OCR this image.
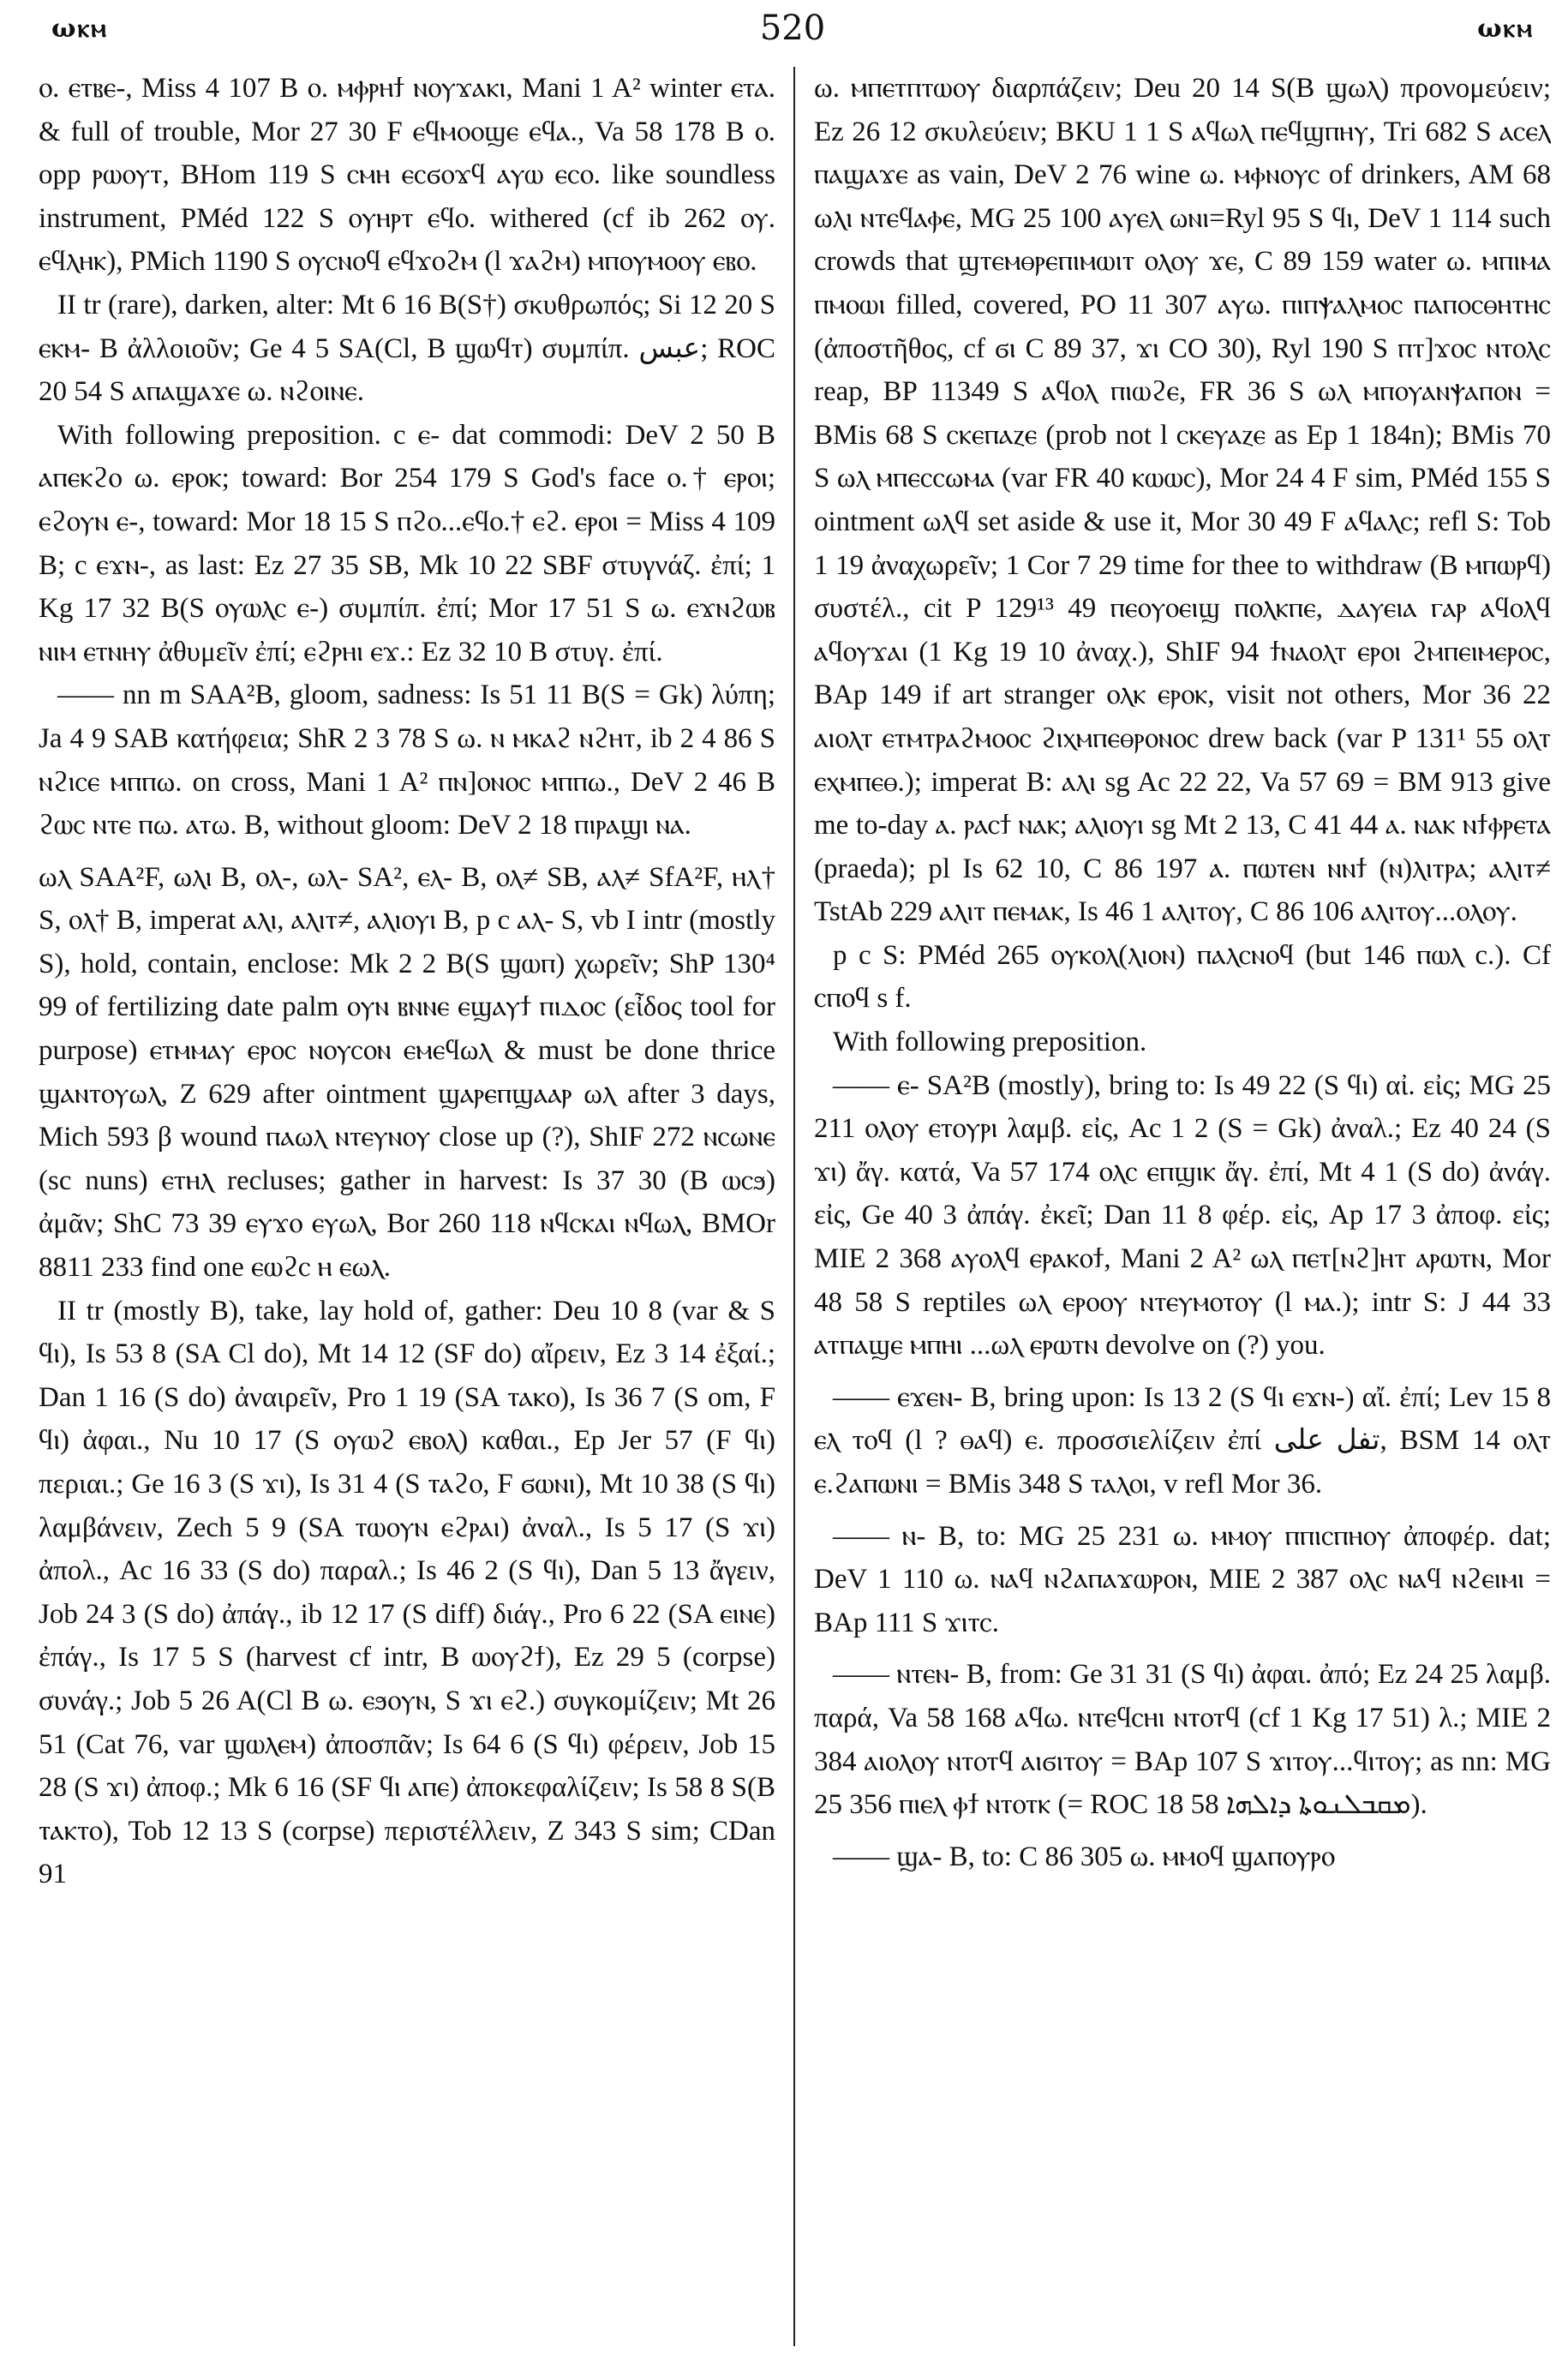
ωⲕⲙ	520	ωⲕⲙ

ⲟ. ⲉⲧⲃⲉ-, Miss 4 107 B ⲟ. ⲙⲫⲣⲏϯ ⲛⲟⲩϫⲁⲕⲓ, Mani 1 A² winter ⲉⲧⲁ. & full of trouble, Mor 27 30 F ⲉϥⲙⲟⲟϣⲉ ⲉϥⲁ., Va 58 178 B ⲟ. opp ⲣⲱⲟⲩⲧ, BHom 119 S ⲥⲙⲏ ⲉⲥϭⲟϫϥ ⲁⲩⲱ ⲉⲥⲟ. like soundless instrument, PMéd 122 S ⲟⲩⲏⲣⲧ ⲉϥⲟ. withered (cf ib 262 ⲟⲩ. ⲉϥⲗⲏⲕ), PMich 1190 S ⲟⲩⲥⲛⲟϥ ⲉϥϫⲟϩⲙ (l ϫⲁϩⲙ) ⲙⲡⲟⲩⲙⲟⲟⲩ ⲉⲃⲟ.

II tr (rare), darken, alter: Mt 6 16 B(S†) σκυθρωπός; Si 12 20 S ⲉⲕⲙ- B ἀλλοιοῦν; Ge 4 5 SA(Cl, B ϣⲱϥⲧ) συμπίπ. عبس; ROC 20 54 S ⲁⲡⲁϣⲁϫⲉ ω. ⲛϩⲟⲓⲛⲉ.

With following preposition. c ⲉ- dat commodi: DeV 2 50 B ⲁⲡⲉⲕϩⲟ ω. ⲉⲣⲟⲕ; toward: Bor 254 179 S God's face ⲟ.† ⲉⲣⲟⲓ; ⲉϩⲟⲩⲛ ⲉ-, toward: Mor 18 15 S ⲡϩⲟ...ⲉϥⲟ.† ⲉϩ. ⲉⲣⲟⲓ = Miss 4 109 B; c ⲉϫⲛ-, as last: Ez 27 35 SB, Mk 10 22 SBF στυγνάζ. ἐπί; 1 Kg 17 32 B(S ⲟⲩⲱⲗⲥ ⲉ-) συμπίπ. ἐπί; Mor 17 51 S ω. ⲉϫⲛϩⲱⲃ ⲛⲓⲙ ⲉⲧⲛⲏⲩ ἀθυμεῖν ἐπί; ⲉϩⲣⲏⲓ ⲉϫ.: Ez 32 10 B στυγ. ἐπί.

—— nn m SAA²B, gloom, sadness: Is 51 11 B(S = Gk) λύπη; Ja 4 9 SAB κατήφεια; ShR 2 3 78 S ω. ⲛ ⲙⲕⲁϩ ⲛϩⲏⲧ, ib 2 4 86 S ⲛϩⲓⲥⲉ ⲙⲡⲡω. on cross, Mani 1 A² ⲡⲛ]ⲟⲛⲟⲥ ⲙⲡⲡω., DeV 2 46 B ϩⲱⲥ ⲛⲧⲉ ⲡω. ⲁⲧω. B, without gloom: DeV 2 18 ⲡⲓⲣⲁϣⲓ ⲛⲁ.

ωⲗ SAA²F, ωⲗⲓ B, ⲟⲗ-, ωⲗ- SA², ⲉⲗ- B, ⲟⲗ≠ SB, ⲁⲗ≠ SfA²F, ⲏⲗ† S, ⲟⲗ† B, imperat ⲁⲗⲓ, ⲁⲗⲓⲧ≠, ⲁⲗⲓⲟⲩⲓ B, p c ⲁⲗ- S, vb I intr (mostly S), hold, contain, enclose: Mk 2 2 B(S ϣⲱⲡ) χωρεῖν; ShP 130⁴ 99 of fertilizing date palm ⲟⲩⲛ ⲃⲛⲛⲉ ⲉϣⲁⲩϯ ⲡⲓⲇⲟⲥ (εἶδος tool for purpose) ⲉⲧⲙⲙⲁⲩ ⲉⲣⲟⲥ ⲛⲟⲩⲥⲟⲛ ⲉⲙⲉϥωⲗ & must be done thrice ϣⲁⲛⲧⲟⲩωⲗ, Z 629 after ointment ϣⲁⲣⲉⲡϣⲁⲁⲣ ωⲗ after 3 days, Mich 593 β wound ⲡⲁωⲗ ⲛⲧⲉⲩⲛⲟⲩ close up (?), ShIF 272 ⲛⲥωⲛⲉ (sc nuns) ⲉⲧⲏⲗ recluses; gather in harvest: Is 37 30 (B ⲱⲥϧ) ἀμᾶν; ShC 73 39 ⲉⲩϫⲟ ⲉⲩωⲗ, Bor 260 118 ⲛϥⲥⲕⲁⲓ ⲛϥωⲗ, BMOr 8811 233 find one ⲉⲱϩⲥ ⲏ ⲉωⲗ.

II tr (mostly B), take, lay hold of, gather: Deu 10 8 (var & S ϥⲓ), Is 53 8 (SA Cl do), Mt 14 12 (SF do) αἴρειν, Ez 3 14 ἐξαί.; Dan 1 16 (S do) ἀναιρεῖν, Pro 1 19 (SA ⲧⲁⲕⲟ), Is 36 7 (S om, F ϥⲓ) ἀφαι., Nu 10 17 (S ⲟⲩⲱϩ ⲉⲃⲟⲗ) καθαι., Ep Jer 57 (F ϥⲓ) περιαι.; Ge 16 3 (S ϫⲓ), Is 31 4 (S ⲧⲁϩⲟ, F ϭⲱⲛⲓ), Mt 10 38 (S ϥⲓ) λαμβάνειν, Zech 5 9 (SA ⲧⲱⲟⲩⲛ ⲉϩⲣⲁⲓ) ἀναλ., Is 5 17 (S ϫⲓ) ἀπολ., Ac 16 33 (S do) παραλ.; Is 46 2 (S ϥⲓ), Dan 5 13 ἄγειν, Job 24 3 (S do) ἀπάγ., ib 12 17 (S diff) διάγ., Pro 6 22 (SA ⲉⲓⲛⲉ) ἐπάγ., Is 17 5 S (harvest cf intr, B ⲱⲟⲩϩϯ), Ez 29 5 (corpse) συνάγ.; Job 5 26 A(Cl B ω. ⲉϧⲟⲩⲛ, S ϫⲓ ⲉϩ.) συγκομίζειν; Mt 26 51 (Cat 76, var ϣⲱⲗⲉⲙ) ἀποσπᾶν; Is 64 6 (S ϥⲓ) φέρειν, Job 15 28 (S ϫⲓ) ἀποφ.; Mk 6 16 (SF ϥⲓ ⲁⲡⲉ) ἀποκεφαλίζειν; Is 58 8 S(B ⲧⲁⲕⲧⲟ), Tob 12 13 S (corpse) περιστέλλειν, Z 343 S sim; CDan 91

ω. ⲙⲡⲉⲧⲡⲧⲱⲟⲩ διαρπάζειν; Deu 20 14 S(B ϣωⲗ) προνομεύειν; Ez 26 12 σκυλεύειν; BKU 1 1 S ⲁϥωⲗ ⲡⲉϥϣⲡⲏⲩ, Tri 682 S ⲁⲥⲉⲗ ⲡⲁϣⲁϫⲉ as vain, DeV 2 76 wine ω. ⲙⲫⲛⲟⲩⲥ of drinkers, AM 68 ωⲗⲓ ⲛⲧⲉϥⲁⲫⲉ, MG 25 100 ⲁⲩⲉⲗ ωⲛⲓ=Ryl 95 S ϥⲓ, DeV 1 114 such crowds that ϣⲧⲉⲙⲑⲣⲉⲡⲓⲙⲱⲓⲧ ⲟⲗⲟⲩ ϫⲉ, C 89 159 water ω. ⲙⲡⲓⲙⲁ ⲡⲙⲟⲱⲓ filled, covered, PO 11 307 ⲁⲩω. ⲡⲓⲡⲯⲁⲗⲙⲟⲥ ⲡⲁⲡⲟⲥⲑⲏⲧⲏⲥ (ἀποστῆθος, cf ϭⲓ C 89 37, ϫⲓ CO 30), Ryl 190 S ⲡⲧ]ϫⲟⲥ ⲛⲧⲟⲗⲥ reap, BP 11349 S ⲁϥⲟⲗ ⲡⲓⲱϩⲉ, FR 36 S ωⲗ ⲙⲡⲟⲩⲁⲛⲯⲁⲡⲟⲛ = BMis 68 S ⲥⲕⲉⲡⲁⲍⲉ (prob not l ⲥⲕⲉⲩⲁⲍⲉ as Ep 1 184n); BMis 70 S ωⲗ ⲙⲡⲉⲥⲥωⲙⲁ (var FR 40 ⲕⲱⲱⲥ), Mor 24 4 F sim, PMéd 155 S ointment ωⲗϥ set aside & use it, Mor 30 49 F ⲁϥⲁⲗⲥ; refl S: Tob 1 19 ἀναχωρεῖν; 1 Cor 7 29 time for thee to withdraw (B ⲙⲡⲱⲣϥ) συστέλ., cit P 129¹³ 49 ⲡⲉⲟⲩⲟⲉⲓϣ ⲡⲟⲗⲕⲡⲉ, ⲇⲁⲩⲉⲓⲁ ⲅⲁⲣ ⲁϥⲟⲗϥ ⲁϥⲟⲩϫⲁⲓ (1 Kg 19 10 ἀναχ.), ShIF 94 ϯⲛⲁⲟⲗⲧ ⲉⲣⲟⲓ ϩⲙⲡⲉⲓⲙⲉⲣⲟⲥ, BAp 149 if art stranger ⲟⲗⲕ ⲉⲣⲟⲕ, visit not others, Mor 36 22 ⲁⲓⲟⲗⲧ ⲉⲧⲙⲧⲣⲁϩⲙⲟⲟⲥ ϩⲓⲭⲙⲡⲉⲑⲣⲟⲛⲟⲥ drew back (var P 131¹ 55 ⲟⲗⲧ ⲉⲭⲙⲡⲉⲑ.); imperat B: ⲁⲗⲓ sg Ac 22 22, Va 57 69 = BM 913 give me to-day ⲁ. ⲣⲁⲥϯ ⲛⲁⲕ; ⲁⲗⲓⲟⲩⲓ sg Mt 2 13, C 41 44 ⲁ. ⲛⲁⲕ ⲛϯⲫⲣⲉⲧⲁ (praeda); pl Is 62 10, C 86 197 ⲁ. ⲡⲱⲧⲉⲛ ⲛⲛϯ (ⲛ)ⲗⲓⲧⲣⲁ; ⲁⲗⲓⲧ≠ TstAb 229 ⲁⲗⲓⲧ ⲡⲉⲙⲁⲕ, Is 46 1 ⲁⲗⲓⲧⲟⲩ, C 86 106 ⲁⲗⲓⲧⲟⲩ...ⲟⲗⲟⲩ.

p c S: PMéd 265 ⲟⲩⲕⲟⲗ(ⲗⲓⲟⲛ) ⲡⲁⲗⲥⲛⲟϥ (but 146 ⲡⲱⲗ c.). Cf ⲥⲡⲟϥ s f.

With following preposition.

—— ⲉ- SA²B (mostly), bring to: Is 49 22 (S ϥⲓ) αἰ. εἰς; MG 25 211 ⲟⲗⲟⲩ ⲉⲧⲟⲩⲣⲓ λαμβ. εἰς, Ac 1 2 (S = Gk) ἀναλ.; Ez 40 24 (S ϫⲓ) ἄγ. κατά, Va 57 174 ⲟⲗⲥ ⲉⲡϣⲓⲕ ἄγ. ἐπί, Mt 4 1 (S do) ἀνάγ. εἰς, Ge 40 3 ἀπάγ. ἐκεῖ; Dan 11 8 φέρ. εἰς, Ap 17 3 ἀποφ. εἰς; MIE 2 368 ⲁⲩⲟⲗϥ ⲉⲣⲁⲕⲟϯ, Mani 2 A² ωⲗ ⲡⲉⲧ[ⲛϩ]ⲏⲧ ⲁⲣⲱⲧⲛ, Mor 48 58 S reptiles ωⲗ ⲉⲣⲟⲟⲩ ⲛⲧⲉⲩⲙⲟⲧⲟⲩ (l ⲙⲁ.); intr S: J 44 33 ⲁⲧⲡⲁϣⲉ ⲙⲡⲏⲓ ...ωⲗ ⲉⲣⲱⲧⲛ devolve on (?) you.

—— ⲉϫⲉⲛ- B, bring upon: Is 13 2 (S ϥⲓ ⲉϫⲛ-) αἴ. ἐπί; Lev 15 8 ⲉⲗ ⲧⲟϥ (l ? ⲑⲁϥ) ⲉ. προσσιελίζειν ἐπί تفل على, BSM 14 ⲟⲗⲧ ⲉ.ϩⲁⲡⲱⲛⲓ = BMis 348 S ⲧⲁⲗⲟⲓ, v refl Mor 36.

—— ⲛ- B, to: MG 25 231 ω. ⲙⲙⲟⲩ ⲡⲡⲓⲥⲡⲏⲟⲩ ἀποφέρ. dat; DeV 1 110 ω. ⲛⲁϥ ⲛϩⲁⲡⲁϫⲱⲣⲟⲛ, MIE 2 387 ⲟⲗⲥ ⲛⲁϥ ⲛϩⲉⲓⲙⲓ = BAp 111 S ϫⲓⲧⲥ.

—— ⲛⲧⲉⲛ- B, from: Ge 31 31 (S ϥⲓ) ἀφαι. ἀπό; Ez 24 25 λαμβ. παρά, Va 58 168 ⲁϥω. ⲛⲧⲉϥⲥⲏⲓ ⲛⲧⲟⲧϥ (cf 1 Kg 17 51) λ.; MIE 2 384 ⲁⲓⲟⲗⲟⲩ ⲛⲧⲟⲧϥ ⲁⲓϭⲓⲧⲟⲩ = BAp 107 S ϫⲓⲧⲟⲩ...ϥⲓⲧⲟⲩ; as nn: MG 25 356 ⲡⲓⲉⲗ ⲫϯ ⲛⲧⲟⲧⲕ (= ROC 18 58 ܡܩܒܠܢܘܬܐ ܕܐܠܗܐ).

—— ϣⲁ- B, to: C 86 305 ω. ⲙⲙⲟϥ ϣⲁⲡⲟⲩⲣⲟ
